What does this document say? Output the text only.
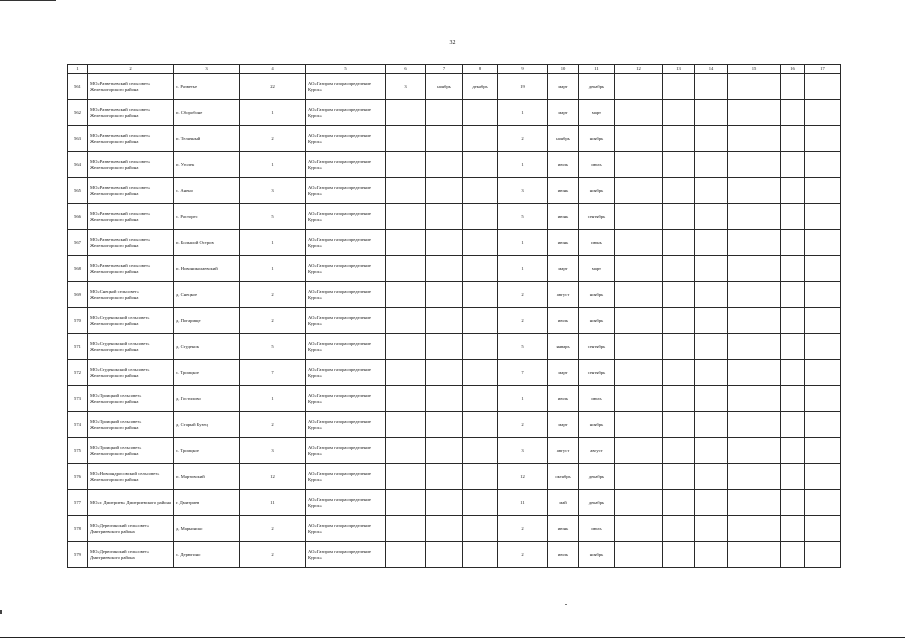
32
1	2	3	4	5	6	7	8	9	10	11	12	13	14	15	16	17
561	МО«Разветьевский сельсовет» Железногорского района	с. Разветье	22	АО«Газпром газораспределение Курск»	3	ноябрь	декабрь	19	март	декабрь						
562	МО«Разветьевский сельсовет» Железногорского района	п. Сборобоне	1	АО«Газпром газораспределение Курск»				1	март	март						
563	МО«Разветьевский сельсовет» Железногорского района	п. Телячный	2	АО«Газпром газораспределение Курск»				2	ноябрь	ноябрь						
564	МО«Разветьевский сельсовет» Железногорского района	п. Уголек	1	АО«Газпром газораспределение Курск»				1	июль	июль						
565	МО«Разветьевский сельсовет» Железногорского района	с. Анено	3	АО«Газпром газораспределение Курск»				3	июнь	ноябрь						
566	МО«Разветьевский сельсовет» Железногорского района	с. Расторес	5	АО«Газпром газораспределение Курск»				5	июнь	сентябрь						
567	МО«Разветьевский сельсовет» Железногорского района	п. Большой Остров	1	АО«Газпром газораспределение Курск»				1	июнь	июнь						
568	МО«Разветьевский сельсовет» Железногорского района	п. Новониколаевский	1	АО«Газпром газораспределение Курск»				1	март	март						
569	МО«Снецкой сельсовет» Железногорского района	д. Снецкое	2	АО«Газпром газораспределение Курск»				2	август	ноябрь						
570	МО«Студенокский сельсовет» Железногорского района	д. Погарище	2	АО«Газпром газораспределение Курск»				2	июль	ноябрь						
571	МО«Студенокский сельсовет» Железногорского района	д. Студенок	5	АО«Газпром газораспределение Курск»				5	январь	сентябрь						
572	МО«Студенокский сельсовет» Железногорского района	с. Троицкое	7	АО«Газпром газораспределение Курск»				7	март	сентябрь						
573	МО«Троицкий сельсовет» Железногорского района	д. Гостилово	1	АО«Газпром газораспределение Курск»				1	июль	июль						
574	МО«Троицкий сельсовет» Железногорского района	д. Старый Бузец	2	АО«Газпром газораспределение Курск»				2	март	ноябрь						
575	МО«Троицкий сельсовет» Железногорского района	с. Троицкое	3	АО«Газпром газораспределение Курск»				3	август	август						
576	МО«Новоандросовский сельсовет» Железногорского района	п. Мартовский	12	АО«Газпром газораспределение Курск»				12	октябрь	декабрь						
577	МО«г. Дмитриев» Дмитриевского района	г. Дмитриев	11	АО«Газпром газораспределение Курск»				11	май	декабрь						
578	МО«Дерюгинский сельсовет» Дмитриевского района	д. Марьинско	2	АО«Газпром газораспределение Курск»				2	июнь	июль						
579	МО«Дерюгинский сельсовет» Дмитриевского района	с. Дерюгино	2	АО«Газпром газораспределение Курск»				2	июль	ноябрь						
